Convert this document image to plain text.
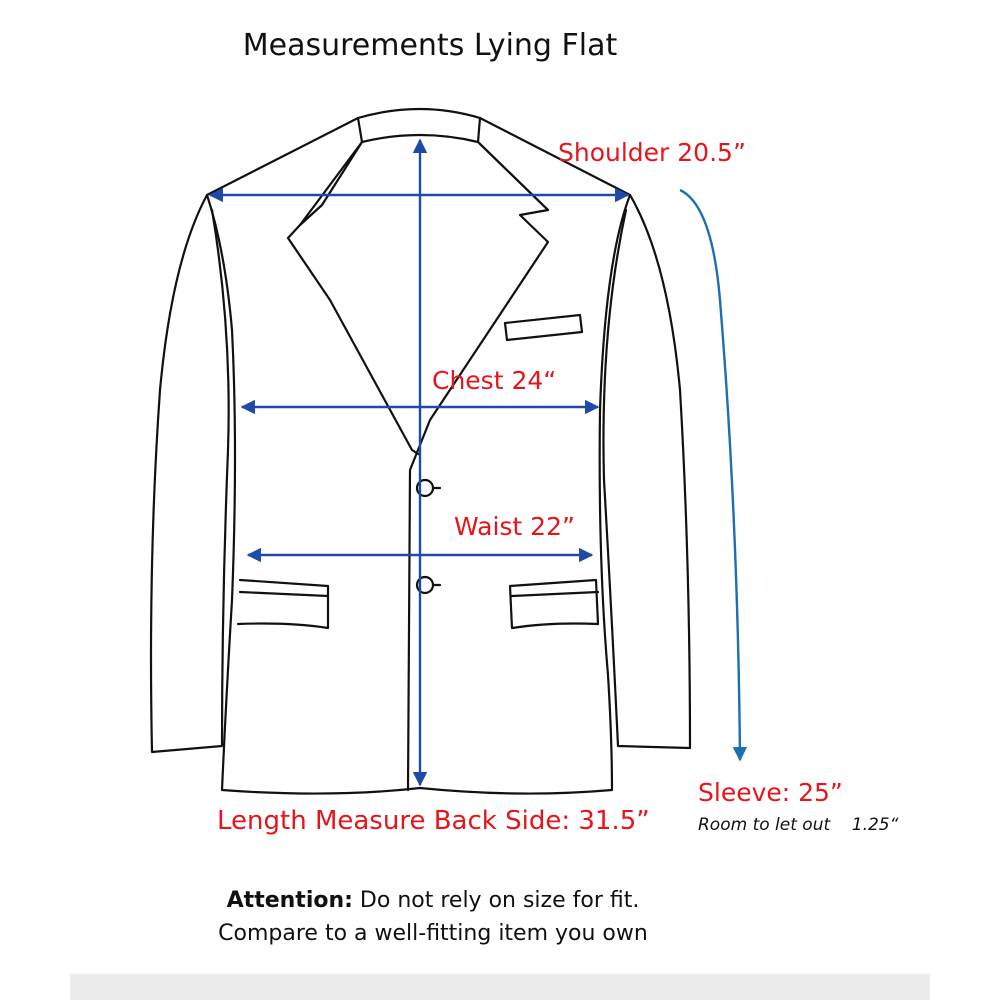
Measurements Lying Flat
Shoulder 20.5”
Chest 24“
Waist 22”
Sleeve: 25”
Room to let out    1.25“
Length Measure Back Side: 31.5”
Attention: Do not rely on size for fit.
Compare to a well-fitting item you own
